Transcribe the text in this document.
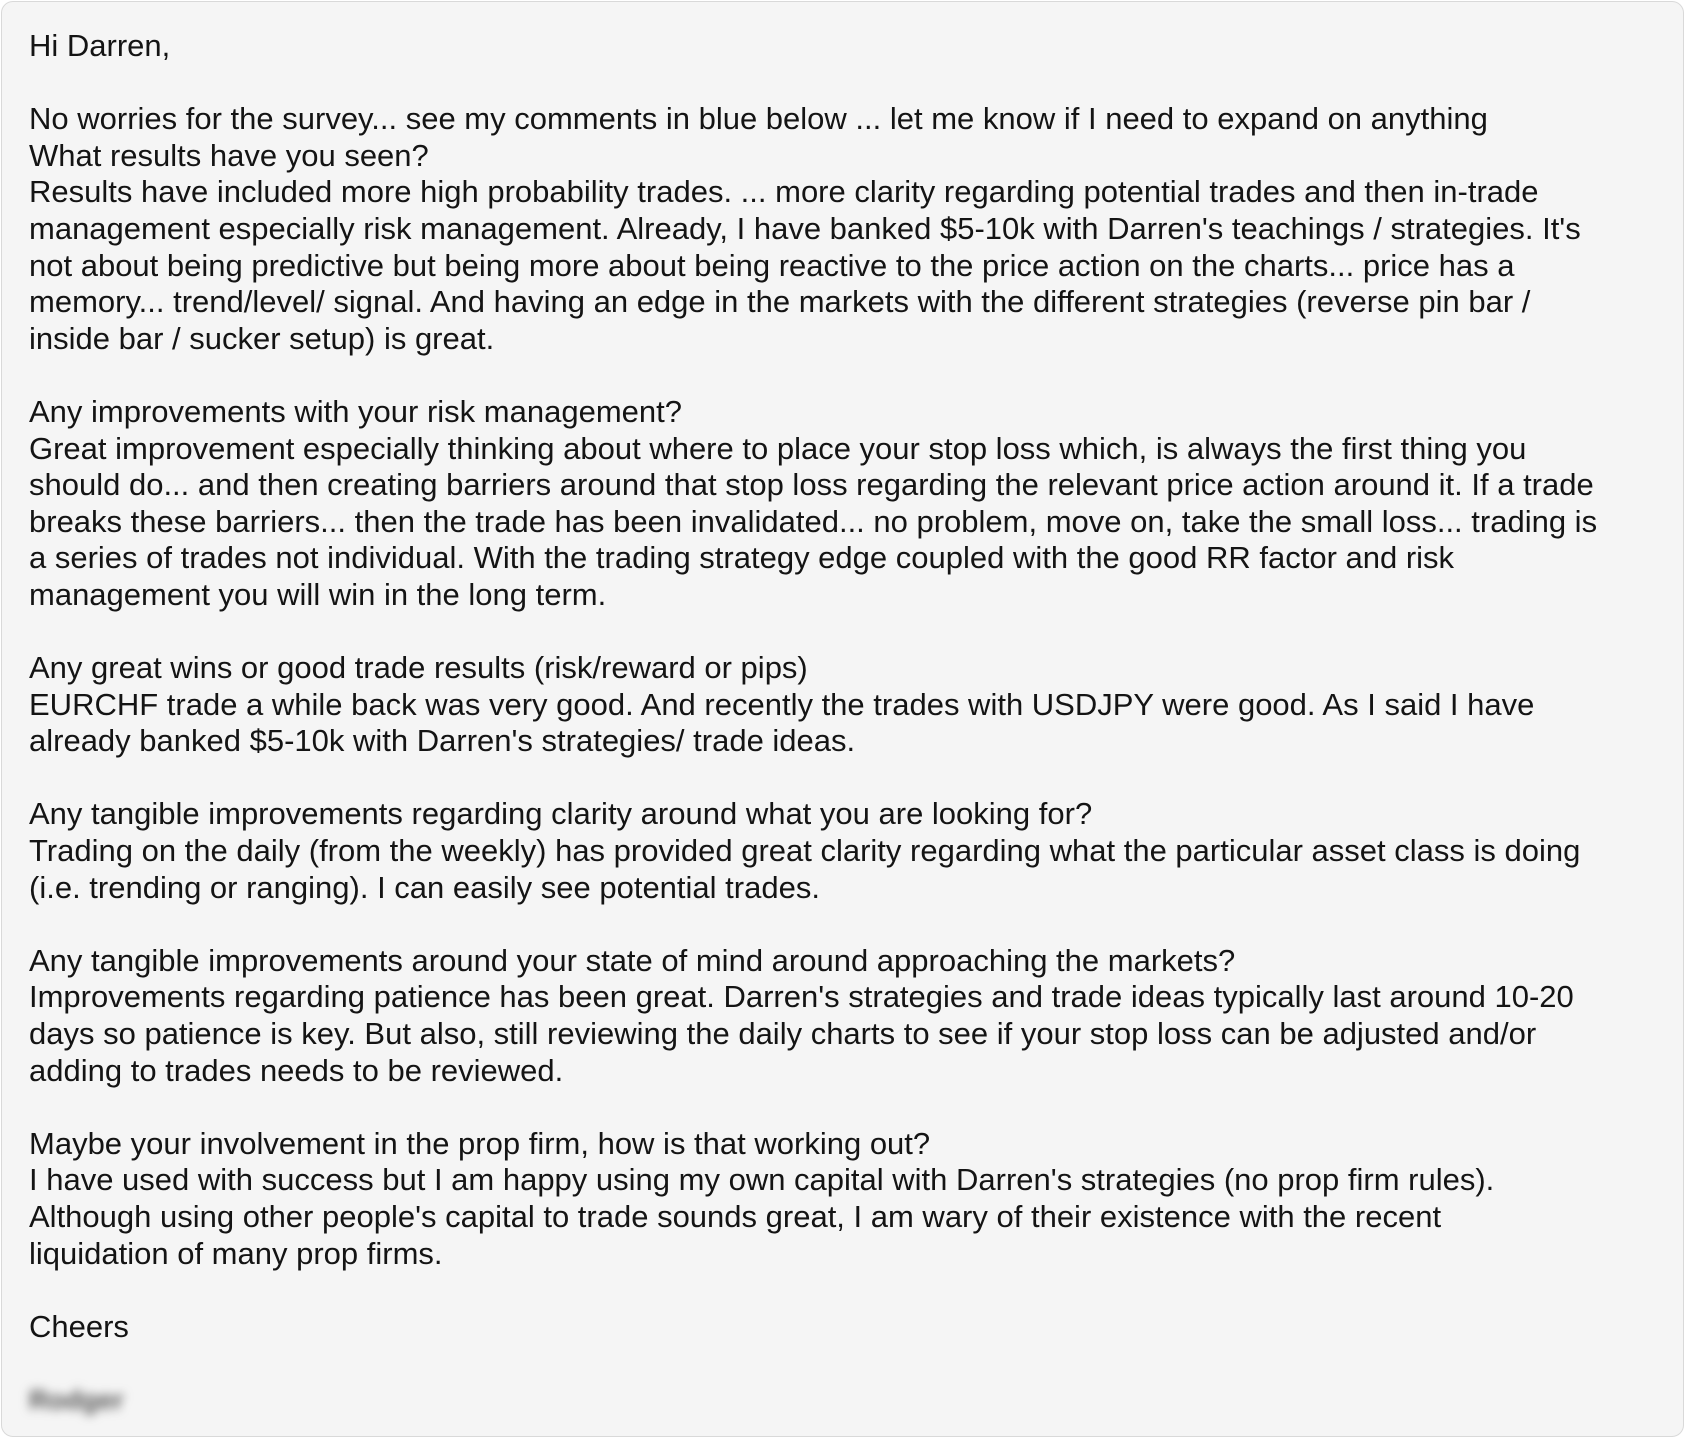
Hi Darren,
No worries for the survey... see my comments in blue below ... let me know if I need to expand on anything
What results have you seen?
Results have included more high probability trades. ... more clarity regarding potential trades and then in-trade
management especially risk management. Already, I have banked $5-10k with Darren's teachings / strategies. It's
not about being predictive but being more about being reactive to the price action on the charts... price has a
memory... trend/level/ signal. And having an edge in the markets with the different strategies (reverse pin bar /
inside bar / sucker setup) is great.
Any improvements with your risk management?
Great improvement especially thinking about where to place your stop loss which, is always the first thing you
should do... and then creating barriers around that stop loss regarding the relevant price action around it. If a trade
breaks these barriers... then the trade has been invalidated... no problem, move on, take the small loss... trading is
a series of trades not individual. With the trading strategy edge coupled with the good RR factor and risk
management you will win in the long term.
Any great wins or good trade results (risk/reward or pips)
EURCHF trade a while back was very good. And recently the trades with USDJPY were good. As I said I have
already banked $5-10k with Darren's strategies/ trade ideas.
Any tangible improvements regarding clarity around what you are looking for?
Trading on the daily (from the weekly) has provided great clarity regarding what the particular asset class is doing
(i.e. trending or ranging). I can easily see potential trades.
Any tangible improvements around your state of mind around approaching the markets?
Improvements regarding patience has been great. Darren's strategies and trade ideas typically last around 10-20
days so patience is key. But also, still reviewing the daily charts to see if your stop loss can be adjusted and/or
adding to trades needs to be reviewed.
Maybe your involvement in the prop firm, how is that working out?
I have used with success but I am happy using my own capital with Darren's strategies (no prop firm rules).
Although using other people's capital to trade sounds great, I am wary of their existence with the recent
liquidation of many prop firms.
Cheers
Rodger
